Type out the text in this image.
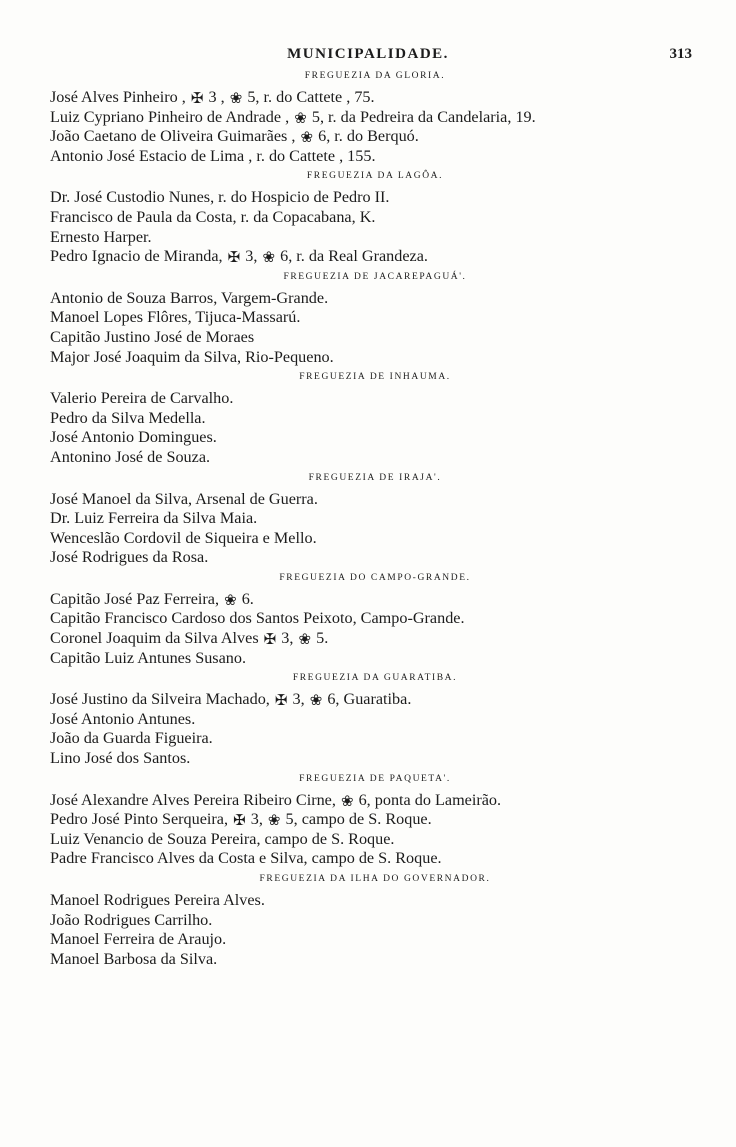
MUNICIPALIDADE.	313
FREGUEZIA DA GLORIA.
José Alves Pinheiro , ✠ 3 , ❀ 5, r. do Cattete , 75.
Luiz Cypriano Pinheiro de Andrade , ❀ 5, r. da Pedreira da Candelaria, 19.
João Caetano de Oliveira Guimarães , ❀ 6, r. do Berquó.
Antonio José Estacio de Lima , r. do Cattete , 155.
FREGUEZIA DA LAGÔA.
Dr. José Custodio Nunes, r. do Hospicio de Pedro II.
Francisco de Paula da Costa, r. da Copacabana, K.
Ernesto Harper.
Pedro Ignacio de Miranda, ✠ 3, ❀ 6, r. da Real Grandeza.
FREGUEZIA DE JACAREPAGUÁ'.
Antonio de Souza Barros, Vargem-Grande.
Manoel Lopes Flôres, Tijuca-Massarú.
Capitão Justino José de Moraes
Major José Joaquim da Silva, Rio-Pequeno.
FREGUEZIA DE INHAUMA.
Valerio Pereira de Carvalho.
Pedro da Silva Medella.
José Antonio Domingues.
Antonino José de Souza.
FREGUEZIA DE IRAJA'.
José Manoel da Silva, Arsenal de Guerra.
Dr. Luiz Ferreira da Silva Maia.
Wenceslão Cordovil de Siqueira e Mello.
José Rodrigues da Rosa.
FREGUEZIA DO CAMPO-GRANDE.
Capitão José Paz Ferreira, ❀ 6.
Capitão Francisco Cardoso dos Santos Peixoto, Campo-Grande.
Coronel Joaquim da Silva Alves ✠ 3, ❀ 5.
Capitão Luiz Antunes Susano.
FREGUEZIA DA GUARATIBA.
José Justino da Silveira Machado, ✠ 3, ❀ 6, Guaratiba.
José Antonio Antunes.
João da Guarda Figueira.
Lino José dos Santos.
FREGUEZIA DE PAQUETA'.
José Alexandre Alves Pereira Ribeiro Cirne, ❀ 6, ponta do Lameirão.
Pedro José Pinto Serqueira, ✠ 3, ❀ 5, campo de S. Roque.
Luiz Venancio de Souza Pereira, campo de S. Roque.
Padre Francisco Alves da Costa e Silva, campo de S. Roque.
FREGUEZIA DA ILHA DO GOVERNADOR.
Manoel Rodrigues Pereira Alves.
João Rodrigues Carrilho.
Manoel Ferreira de Araujo.
Manoel Barbosa da Silva.
